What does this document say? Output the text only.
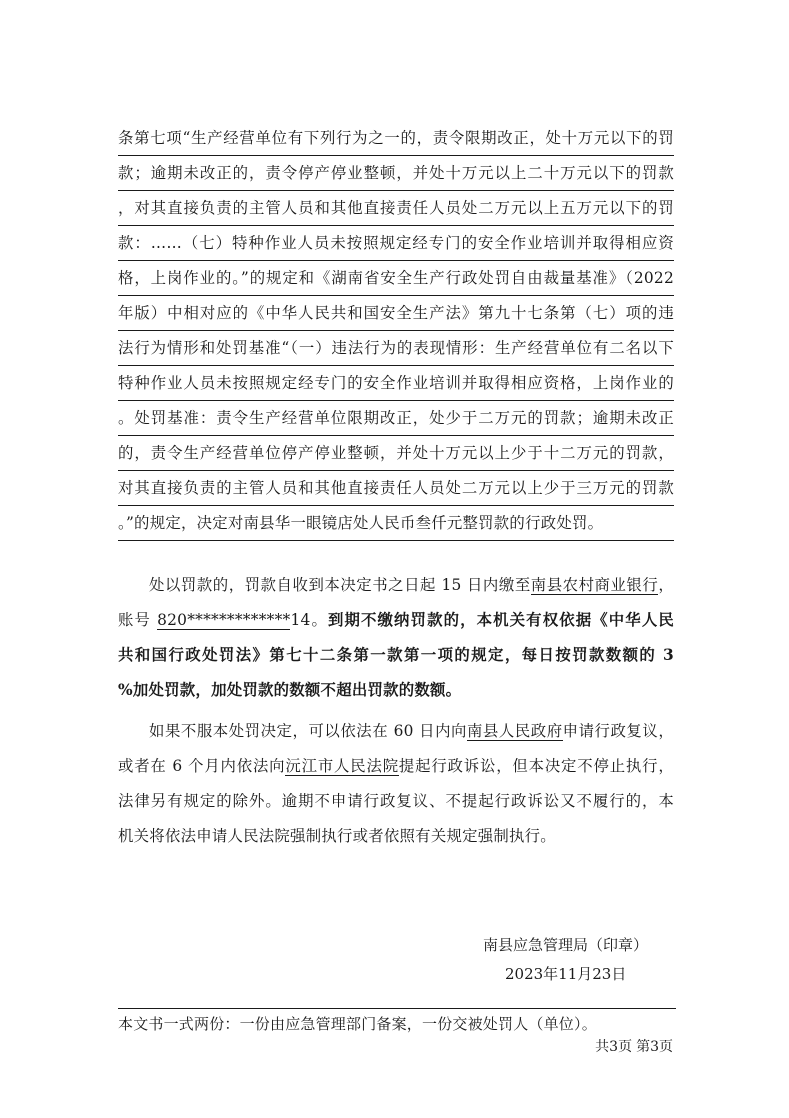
条第七项“生产经营单位有下列行为之一的，责令限期改正，处十万元以下的罚
款；逾期未改正的，责令停产停业整顿，并处十万元以上二十万元以下的罚款
，对其直接负责的主管人员和其他直接责任人员处二万元以上五万元以下的罚
款：……（七）特种作业人员未按照规定经专门的安全作业培训并取得相应资
格，上岗作业的。”的规定和《湖南省安全生产行政处罚自由裁量基准》（2022
年版）中相对应的《中华人民共和国安全生产法》第九十七条第（七）项的违
法行为情形和处罚基准“（一）违法行为的表现情形：生产经营单位有二名以下
特种作业人员未按照规定经专门的安全作业培训并取得相应资格，上岗作业的
。处罚基准：责令生产经营单位限期改正，处少于二万元的罚款；逾期未改正
的，责令生产经营单位停产停业整顿，并处十万元以上少于十二万元的罚款，
对其直接负责的主管人员和其他直接责任人员处二万元以上少于三万元的罚款
。”的规定，决定对南县华一眼镜店处人民币叁仟元整罚款的行政处罚。
处以罚款的，罚款自收到本决定书之日起 15 日内缴至南县农村商业银行，
账号 820*************14。到期不缴纳罚款的，本机关有权依据《中华人民
共和国行政处罚法》第七十二条第一款第一项的规定，每日按罚款数额的 3
%加处罚款，加处罚款的数额不超出罚款的数额。
如果不服本处罚决定，可以依法在 60 日内向南县人民政府申请行政复议，
或者在 6 个月内依法向沅江市人民法院提起行政诉讼，但本决定不停止执行，
法律另有规定的除外。逾期不申请行政复议、不提起行政诉讼又不履行的，本
机关将依法申请人民法院强制执行或者依照有关规定强制执行。
南县应急管理局（印章）
2023年11月23日
本文书一式两份：一份由应急管理部门备案，一份交被处罚人（单位）。
共3页 第3页
